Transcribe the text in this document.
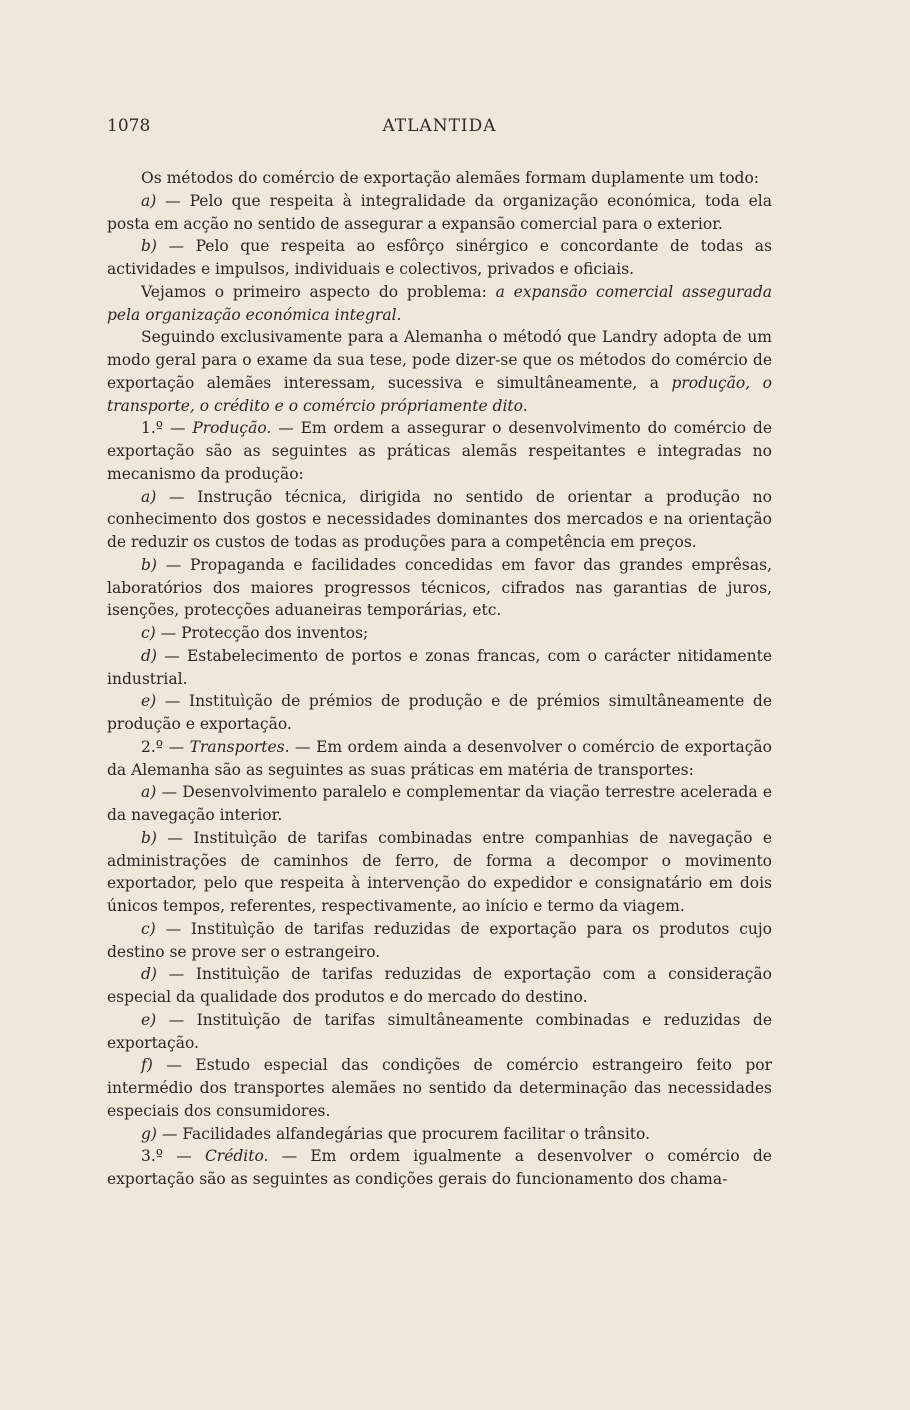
1078	ATLANTIDA

Os métodos do comércio de exportação alemães formam duplamente um todo:

a) — Pelo que respeita à integralidade da organização económica, toda ela posta em acção no sentido de assegurar a expansão comercial para o exterior.

b) — Pelo que respeita ao esfôrço sinérgico e concordante de todas as actividades e impulsos, individuais e colectivos, privados e oficiais.

Vejamos o primeiro aspecto do problema: a expansão comercial assegurada pela organização económica integral.

Seguindo exclusivamente para a Alemanha o métodó que Landry adopta de um modo geral para o exame da sua tese, pode dizer-se que os métodos do comércio de exportação alemães interessam, sucessiva e simultâneamente, a produção, o transporte, o crédito e o comércio própriamente dito.

1.º — Produção. — Em ordem a assegurar o desenvolvimento do comércio de exportação são as seguintes as práticas alemãs respeitantes e integradas no mecanismo da produção:

a) — Instrução técnica, dirigida no sentido de orientar a produção no conhecimento dos gostos e necessidades dominantes dos mercados e na orientação de reduzir os custos de todas as produções para a competência em preços.

b) — Propaganda e facilidades concedidas em favor das grandes emprêsas, laboratórios dos maiores progressos técnicos, cifrados nas garantias de juros, isenções, protecções aduaneiras temporárias, etc.

c) — Protecção dos inventos;

d) — Estabelecimento de portos e zonas francas, com o carácter nitidamente industrial.

e) — Instituìção de prémios de produção e de prémios simultâneamente de produção e exportação.

2.º — Transportes. — Em ordem ainda a desenvolver o comércio de exportação da Alemanha são as seguintes as suas práticas em matéria de transportes:

a) — Desenvolvimento paralelo e complementar da viação terrestre acelerada e da navegação interior.

b) — Instituìção de tarifas combinadas entre companhias de navegação e administrações de caminhos de ferro, de forma a decompor o movimento exportador, pelo que respeita à intervenção do expedidor e consignatário em dois únicos tempos, referentes, respectivamente, ao início e termo da viagem.

c) — Instituìção de tarifas reduzidas de exportação para os produtos cujo destino se prove ser o estrangeiro.

d) — Instituìção de tarifas reduzidas de exportação com a consideração especial da qualidade dos produtos e do mercado do destino.

e) — Instituìção de tarifas simultâneamente combinadas e reduzidas de exportação.

f) — Estudo especial das condições de comércio estrangeiro feito por intermédio dos transportes alemães no sentido da determinação das necessidades especiais dos consumidores.

g) — Facilidades alfandegárias que procurem facilitar o trânsito.

3.º — Crédito. — Em ordem igualmente a desenvolver o comércio de exportação são as seguintes as condições gerais do funcionamento dos chama-
